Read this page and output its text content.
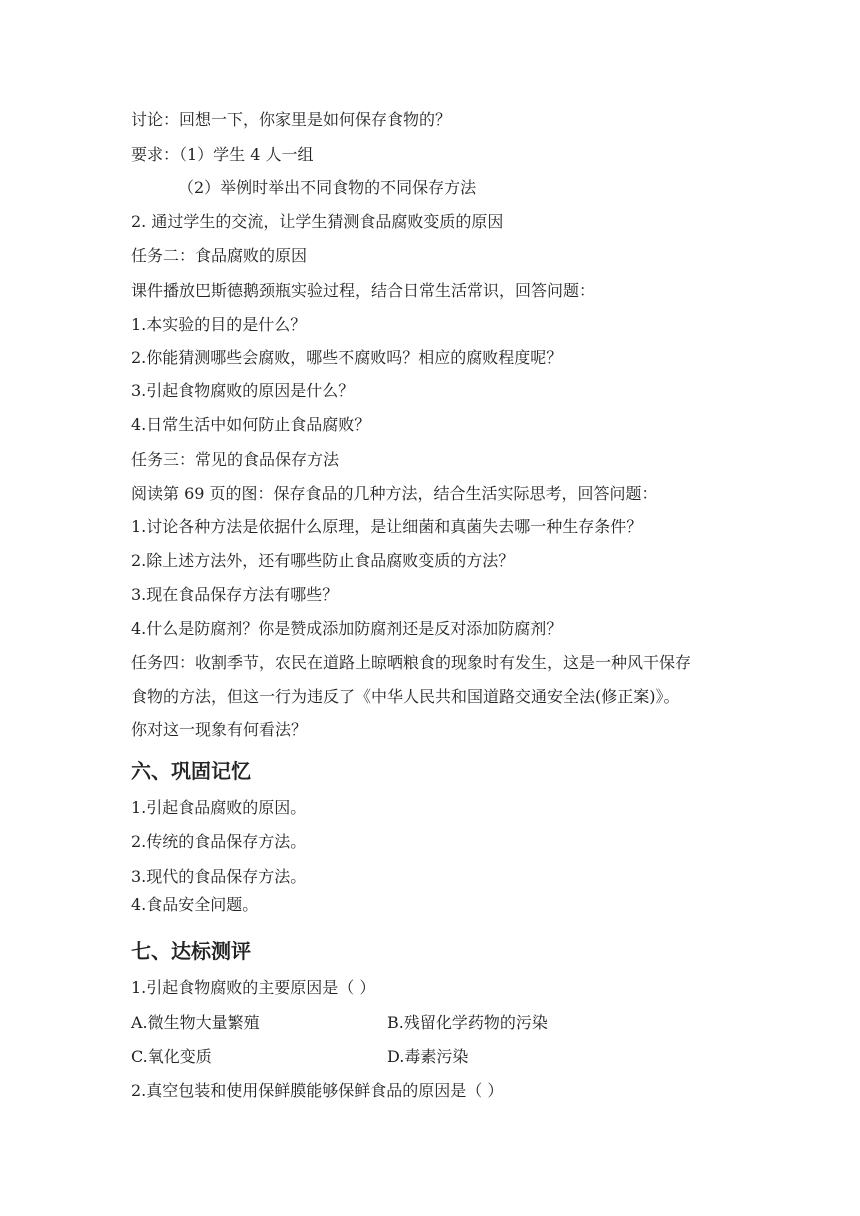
讨论：回想一下，你家里是如何保存食物的？
要求：（1）学生 4 人一组
（2）举例时举出不同食物的不同保存方法
2. 通过学生的交流，让学生猜测食品腐败变质的原因
任务二：食品腐败的原因
课件播放巴斯德鹅颈瓶实验过程，结合日常生活常识，回答问题：
1.本实验的目的是什么？
2.你能猜测哪些会腐败，哪些不腐败吗？相应的腐败程度呢？
3.引起食物腐败的原因是什么？
4.日常生活中如何防止食品腐败？
任务三：常见的食品保存方法
阅读第 69 页的图：保存食品的几种方法，结合生活实际思考，回答问题：
1.讨论各种方法是依据什么原理，是让细菌和真菌失去哪一种生存条件？
2.除上述方法外，还有哪些防止食品腐败变质的方法？
3.现在食品保存方法有哪些？
4.什么是防腐剂？你是赞成添加防腐剂还是反对添加防腐剂？
任务四：收割季节，农民在道路上晾晒粮食的现象时有发生，这是一种风干保存
食物的方法，但这一行为违反了《中华人民共和国道路交通安全法(修正案)》。
你对这一现象有何看法？
六、巩固记忆
1.引起食品腐败的原因。
2.传统的食品保存方法。
3.现代的食品保存方法。
4.食品安全问题。
七、达标测评
1.引起食物腐败的主要原因是（ ）
A.微生物大量繁殖	B.残留化学药物的污染
C.氧化变质	D.毒素污染
2.真空包装和使用保鲜膜能够保鲜食品的原因是（ ）
